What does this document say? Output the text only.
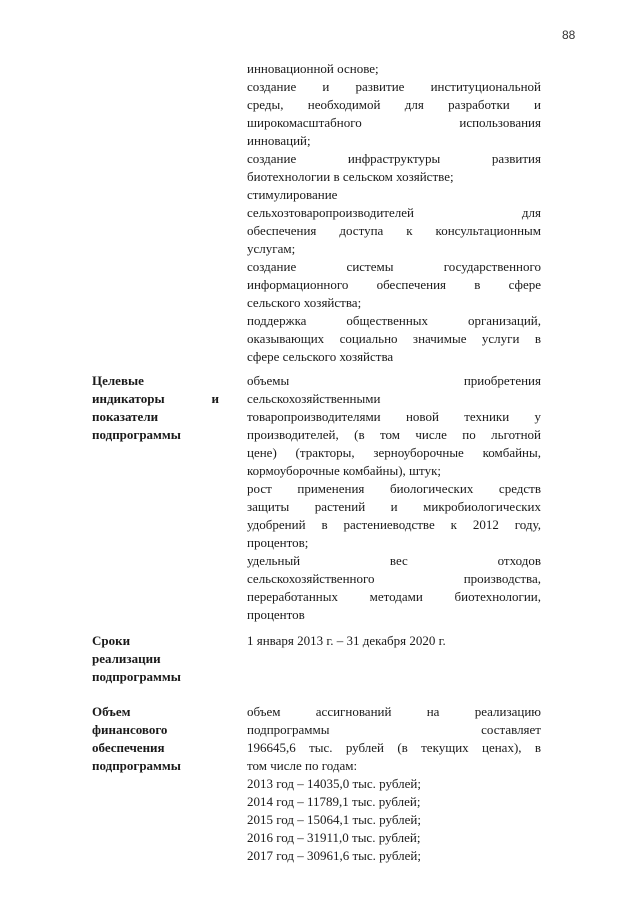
88
инновационной основе;
создание и развитие институциональной
среды, необходимой для разработки и
широкомасштабного использования
инноваций;
создание инфраструктуры развития
биотехнологии в сельском хозяйстве;
стимулирование
сельхозтоваропроизводителей для
обеспечения доступа к консультационным
услугам;
создание системы государственного
информационного обеспечения в сфере
сельского хозяйства;
поддержка общественных организаций,
оказывающих социально значимые услуги в
сфере сельского хозяйства
Целевые
индикаторы и
показатели
подпрограммы
объемы приобретения
сельскохозяйственными
товаропроизводителями новой техники у
производителей, (в том числе по льготной
цене) (тракторы, зерноуборочные комбайны,
кормоуборочные комбайны), штук;
рост применения биологических средств
защиты растений и микробиологических
удобрений в растениеводстве к 2012 году,
процентов;
удельный вес отходов
сельскохозяйственного производства,
переработанных методами биотехнологии,
процентов
Сроки
реализации
подпрограммы
1 января 2013 г. – 31 декабря 2020 г.
Объем
финансового
обеспечения
подпрограммы
объем ассигнований на реализацию
подпрограммы составляет
196645,6 тыс. рублей (в текущих ценах), в
том числе по годам:
2013 год – 14035,0 тыс. рублей;
2014 год – 11789,1 тыс. рублей;
2015 год – 15064,1 тыс. рублей;
2016 год – 31911,0 тыс. рублей;
2017 год – 30961,6 тыс. рублей;
